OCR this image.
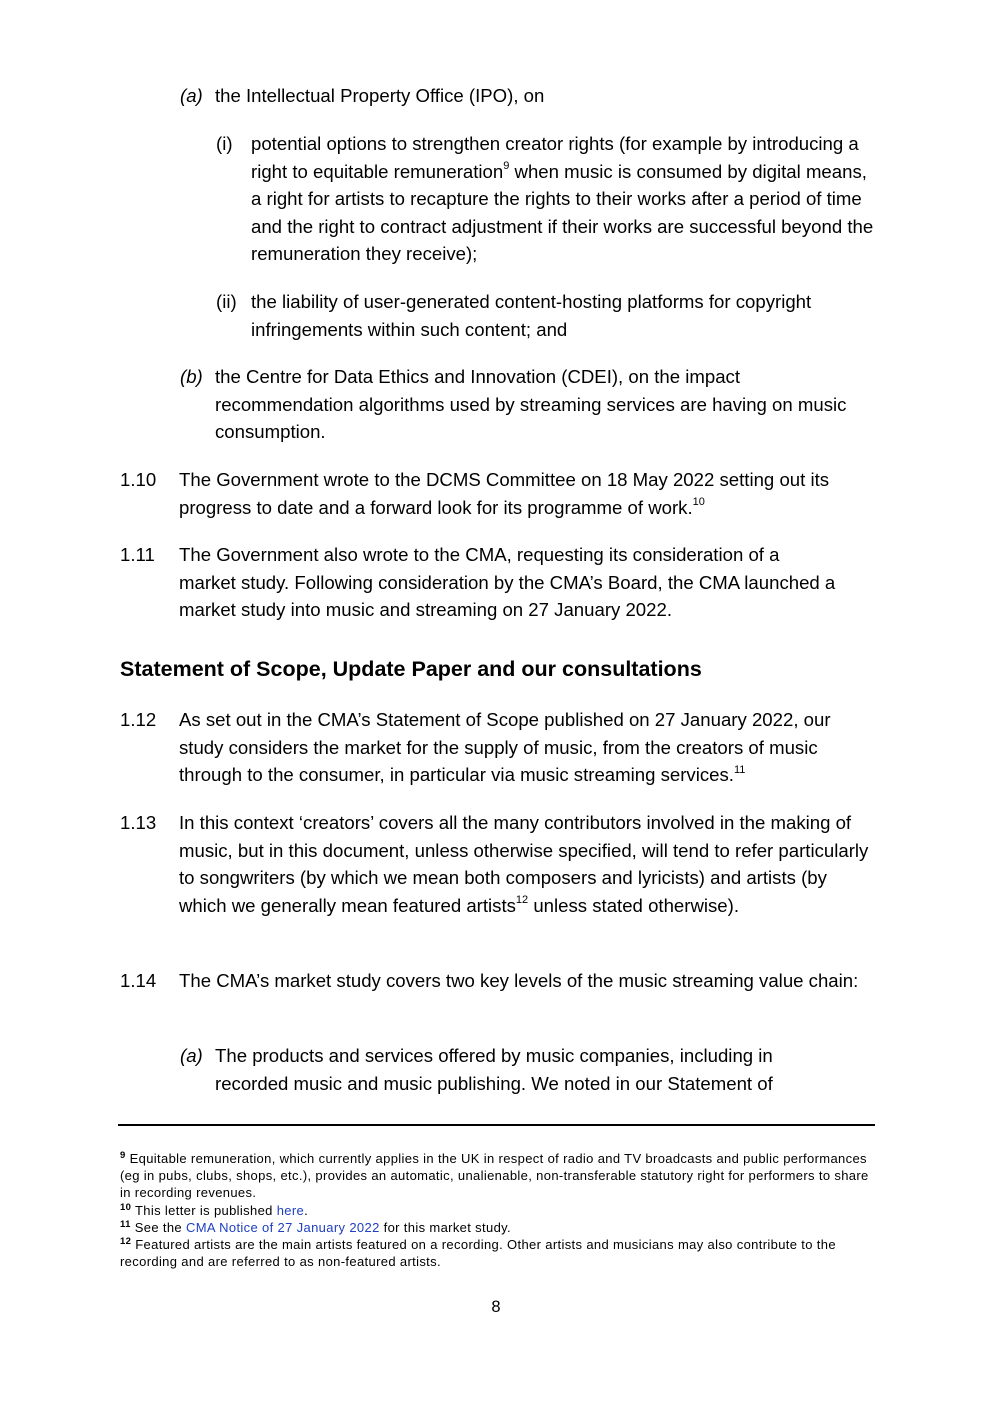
(a) the Intellectual Property Office (IPO), on
(i) potential options to strengthen creator rights (for example by introducing a right to equitable remuneration$^9$ when music is consumed by digital means, a right for artists to recapture the rights to their works after a period of time and the right to contract adjustment if their works are successful beyond the remuneration they receive);
(ii) the liability of user-generated content-hosting platforms for copyright infringements within such content; and
(b) the Centre for Data Ethics and Innovation (CDEI), on the impact recommendation algorithms used by streaming services are having on music consumption.
1.10 The Government wrote to the DCMS Committee on 18 May 2022 setting out its progress to date and a forward look for its programme of work.$^{10}$
1.11 The Government also wrote to the CMA, requesting its consideration of a market study. Following consideration by the CMA’s Board, the CMA launched a market study into music and streaming on 27 January 2022.
Statement of Scope, Update Paper and our consultations
1.12 As set out in the CMA’s Statement of Scope published on 27 January 2022, our study considers the market for the supply of music, from the creators of music through to the consumer, in particular via music streaming services.$^{11}$
1.13 In this context ‘creators’ covers all the many contributors involved in the making of music, but in this document, unless otherwise specified, will tend to refer particularly to songwriters (by which we mean both composers and lyricists) and artists (by which we generally mean featured artists$^{12}$ unless stated otherwise).
1.14 The CMA’s market study covers two key levels of the music streaming value chain:
(a) The products and services offered by music companies, including in recorded music and music publishing. We noted in our Statement of
$^9$ Equitable remuneration, which currently applies in the UK in respect of radio and TV broadcasts and public performances (eg in pubs, clubs, shops, etc.), provides an automatic, unalienable, non-transferable statutory right for performers to share in recording revenues.
$^{10}$ This letter is published here.
$^{11}$ See the CMA Notice of 27 January 2022 for this market study.
$^{12}$ Featured artists are the main artists featured on a recording. Other artists and musicians may also contribute to the recording and are referred to as non-featured artists.
8
